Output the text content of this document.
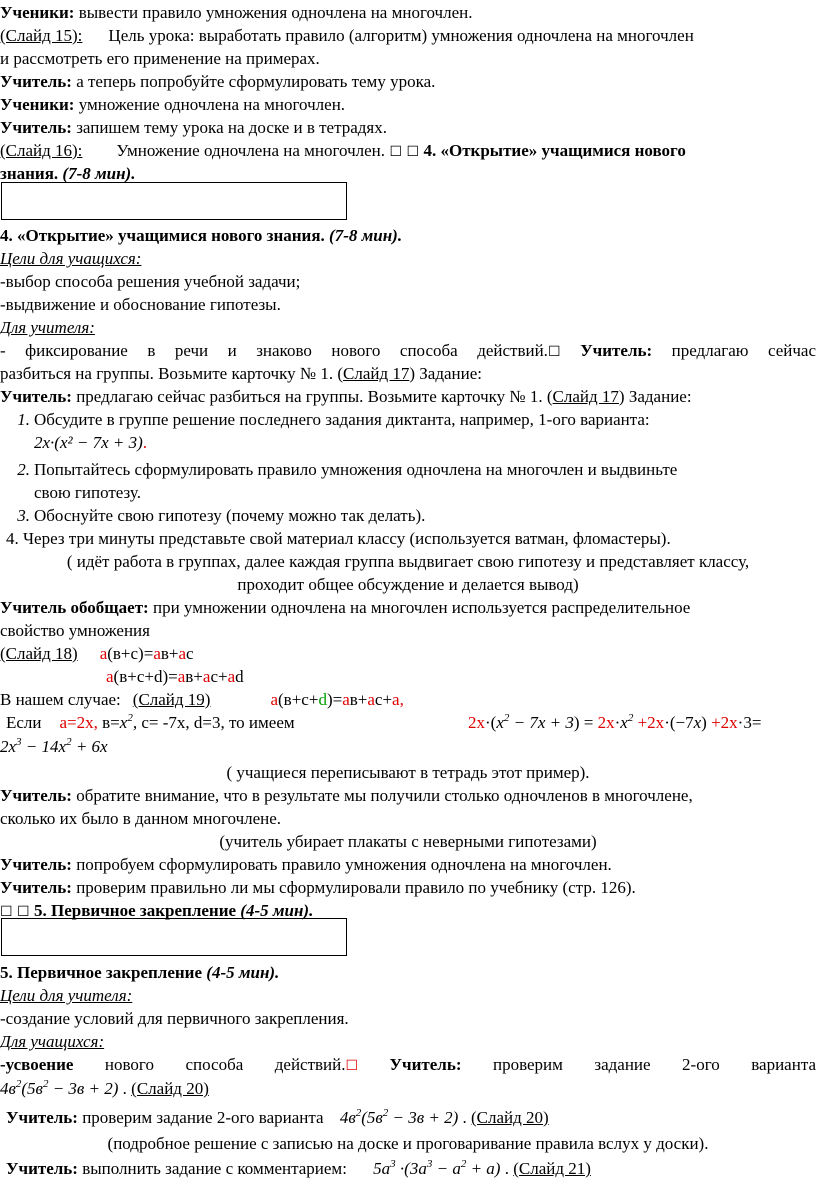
Ученики: вывести правило умножения одночлена на многочлен.
(Слайд 15): Цель урока: выработать правило (алгоритм) умножения одночлена на многочлен
и рассмотреть его применение на примерах.
Учитель: а теперь попробуйте сформулировать тему урока.
Ученики: умножение одночлена на многочлен.
Учитель: запишем тему урока на доске и в тетрадях.
(Слайд 16): Умножение одночлена на многочлен. ☐ ☐ 4. «Открытие» учащимися нового
знания. (7-8 мин).
4. «Открытие» учащимися нового знания. (7-8 мин).
Цели для учащихся:
-выбор способа решения учебной задачи;
-выдвижение и обоснование гипотезы.
Для учителя:
- фиксирование в речи и знаково нового способа действий.☐ Учитель: предлагаю сейчас
разбиться на группы. Возьмите карточку № 1. (Слайд 17) Задание:
Учитель: предлагаю сейчас разбиться на группы. Возьмите карточку № 1. (Слайд 17) Задание:
1. Обсудите в группе решение последнего задания диктанта, например, 1-ого варианта:
2x·(x² − 7x + 3).
2. Попытайтесь сформулировать правило умножения одночлена на многочлен и выдвиньте
свою гипотезу.
3. Обоснуйте свою гипотезу (почему можно так делать).
4. Через три минуты представьте свой материал классу (используется ватман, фломастеры).
( идёт работа в группах, далее каждая группа выдвигает свою гипотезу и представляет классу,
проходит общее обсуждение и делается вывод)
Учитель обобщает: при умножении одночлена на многочлен используется распределительное
свойство умножения
(Слайд 18) а(в+с)=ав+ас
а(в+с+d)=ав+ас+аd
В нашем случае: (Слайд 19)	а(в+с+d)=ав+ас+а,
Если а=2х, $в=x^2$, с= -7х, d=3, то имеем	$2х\cdot(x^2 - 7x + 3) = 2x\cdot x^2 +2x\cdot(-7x) +2x\cdot 3=$
$2x^3 - 14x^2 + 6x$
( учащиеся переписывают в тетрадь этот пример).
Учитель: обратите внимание, что в результате мы получили столько одночленов в многочлене,
сколько их было в данном многочлене.
(учитель убирает плакаты с неверными гипотезами)
Учитель: попробуем сформулировать правило умножения одночлена на многочлен.
Учитель: проверим правильно ли мы сформулировали правило по учебнику (стр. 126).
☐ ☐ 5. Первичное закрепление (4-5 мин).
5. Первичное закрепление (4-5 мин).
Цели для учителя:
-создание условий для первичного закрепления.
Для учащихся:
-усвоение нового способа действий.☐ Учитель: проверим задание 2-ого варианта
$4в^2(5в^2 - 3в + 2)$ . (Слайд 20)
Учитель: проверим задание 2-ого варианта $4в^2(5в^2 - 3в + 2)$ . (Слайд 20)
(подробное решение с записью на доске и проговаривание правила вслух у доски).
Учитель: выполнить задание с комментарием: $5а^3 \cdot(3а^3 - а^2 + а)$ . (Слайд 21)
